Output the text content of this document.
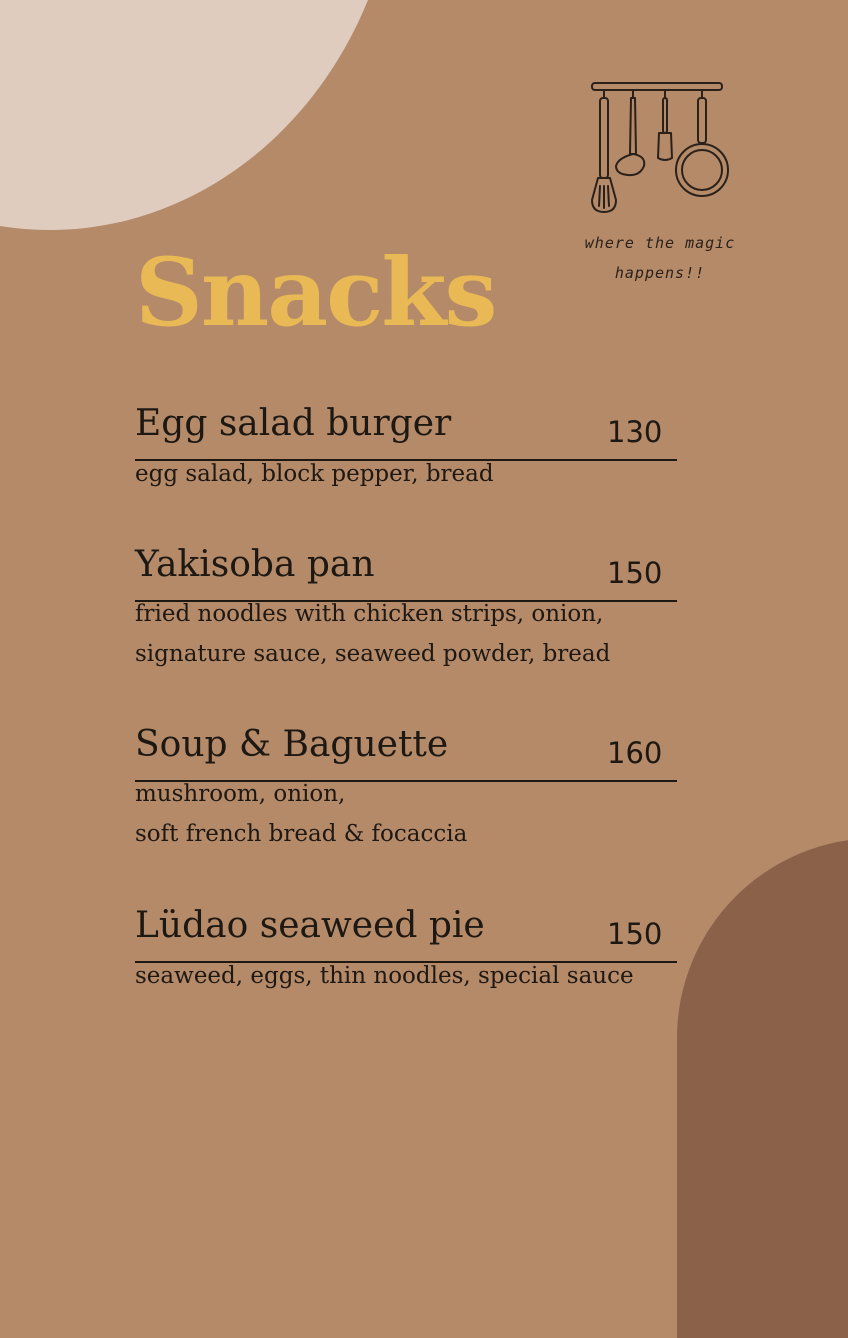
where the magic
happens!!
Snacks
Egg salad burger	130
egg salad, block pepper, bread
Yakisoba pan	150
fried noodles with chicken strips, onion,
signature sauce, seaweed powder, bread
Soup & Baguette	160
mushroom, onion,
soft french bread & focaccia
Lüdao seaweed pie	150
seaweed, eggs, thin noodles, special sauce
